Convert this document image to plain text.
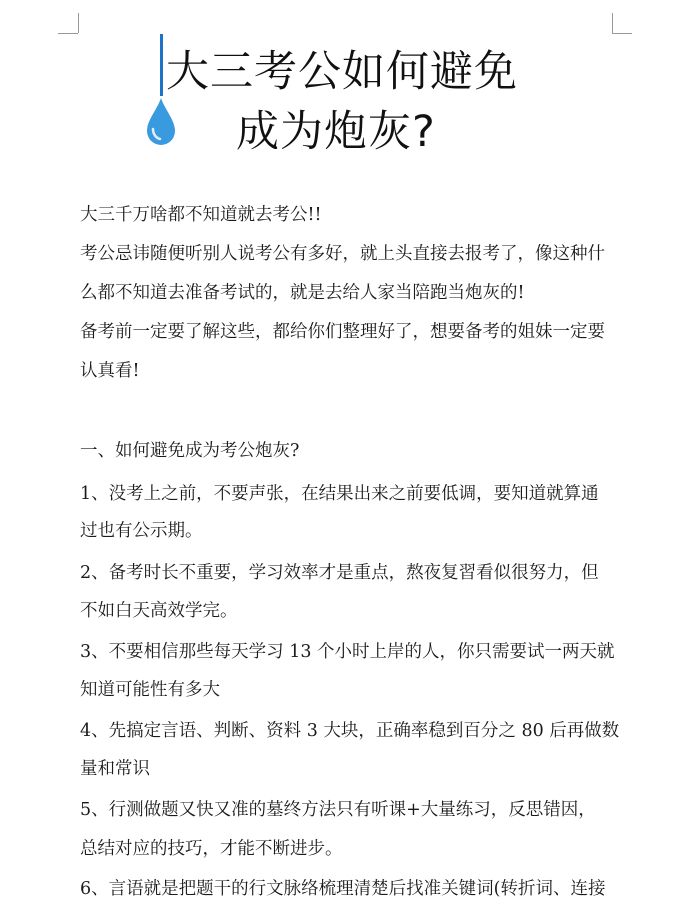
大三考公如何避免
成为炮灰?
大三千万啥都不知道就去考公!!
考公忌讳随便听别人说考公有多好，就上头直接去报考了，像这种什
么都不知道去准备考试的，就是去给人家当陪跑当炮灰的!
备考前一定要了解这些，都给你们整理好了，想要备考的姐妹一定要
认真看!
一、如何避免成为考公炮灰?
1、没考上之前，不要声张，在结果出来之前要低调，要知道就算通
过也有公示期。
2、备考时长不重要，学习效率才是重点，熬夜复習看似很努力，但
不如白天高效学完。
3、不要相信那些每天学习 13 个小时上岸的人，你只需要试一两天就
知道可能性有多大
4、先搞定言语、判断、资料 3 大块，正确率稳到百分之 80 后再做数
量和常识
5、行测做题又快又准的墓终方法只有听课+大量练习，反思错因，
总结对应的技巧，才能不断进步。
6、言语就是把题干的行文脉络梳理清楚后找准关键词(转折词、连接
